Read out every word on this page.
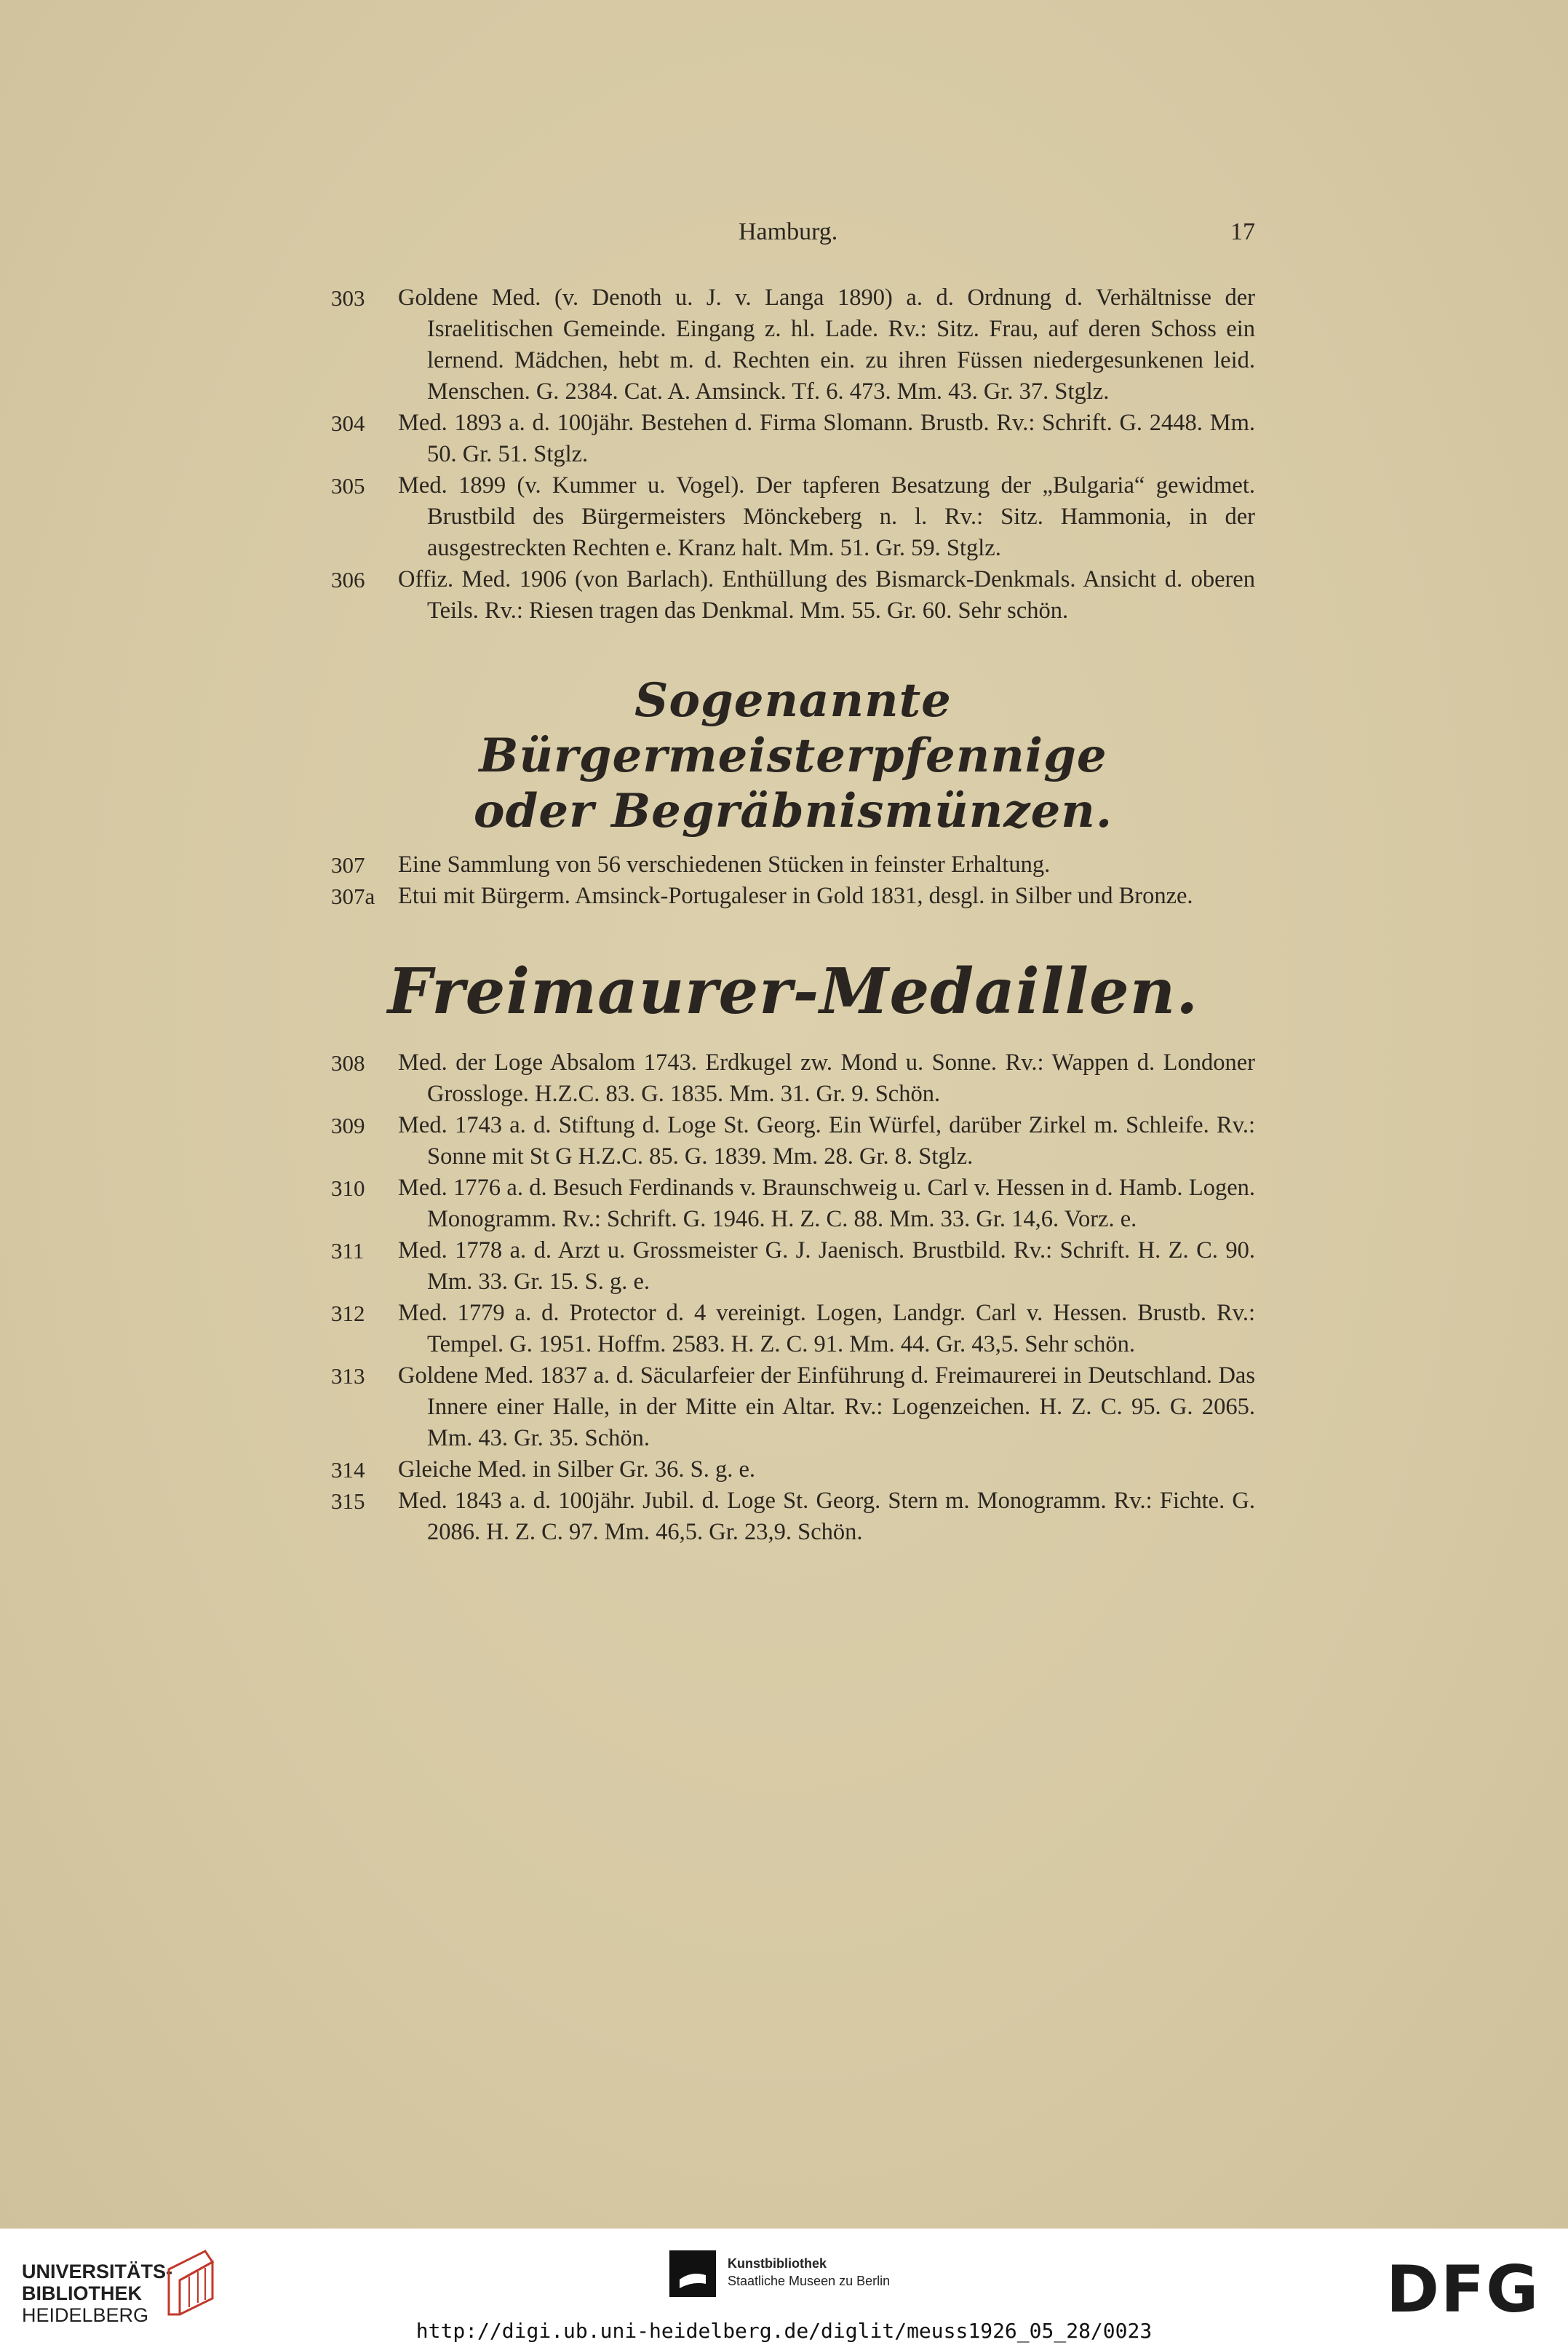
Hamburg.	17
303 Goldene Med. (v. Denoth u. J. v. Langa 1890) a. d. Ordnung d. Verhältnisse der Israelitischen Gemeinde. Eingang z. hl. Lade. Rv.: Sitz. Frau, auf deren Schoss ein lernend. Mädchen, hebt m. d. Rechten ein. zu ihren Füssen niedergesunkenen leid. Menschen. G. 2384. Cat. A. Amsinck. Tf. 6. 473. Mm. 43. Gr. 37. Stglz.
304 Med. 1893 a. d. 100jähr. Bestehen d. Firma Slomann. Brustb. Rv.: Schrift. G. 2448. Mm. 50. Gr. 51. Stglz.
305 Med. 1899 (v. Kummer u. Vogel). Der tapferen Besatzung der „Bulgaria“ gewidmet. Brustbild des Bürgermeisters Mönckeberg n. l. Rv.: Sitz. Hammonia, in der ausgestreckten Rechten e. Kranz halt. Mm. 51. Gr. 59. Stglz.
306 Offiz. Med. 1906 (von Barlach). Enthüllung des Bismarck-Denkmals. Ansicht d. oberen Teils. Rv.: Riesen tragen das Denkmal. Mm. 55. Gr. 60. Sehr schön.
Sogenannte Bürgermeisterpfennige
oder Begräbnismünzen.
307 Eine Sammlung von 56 verschiedenen Stücken in feinster Erhaltung.
307a Etui mit Bürgerm. Amsinck-Portugaleser in Gold 1831, desgl. in Silber und Bronze.
Freimaurer-Medaillen.
308 Med. der Loge Absalom 1743. Erdkugel zw. Mond u. Sonne. Rv.: Wappen d. Londoner Grossloge. H.Z.C. 83. G. 1835. Mm. 31. Gr. 9. Schön.
309 Med. 1743 a. d. Stiftung d. Loge St. Georg. Ein Würfel, darüber Zirkel m. Schleife. Rv.: Sonne mit St G H.Z.C. 85. G. 1839. Mm. 28. Gr. 8. Stglz.
310 Med. 1776 a. d. Besuch Ferdinands v. Braunschweig u. Carl v. Hessen in d. Hamb. Logen. Monogramm. Rv.: Schrift. G. 1946. H. Z. C. 88. Mm. 33. Gr. 14,6. Vorz. e.
311 Med. 1778 a. d. Arzt u. Grossmeister G. J. Jaenisch. Brustbild. Rv.: Schrift. H. Z. C. 90. Mm. 33. Gr. 15. S. g. e.
312 Med. 1779 a. d. Protector d. 4 vereinigt. Logen, Landgr. Carl v. Hessen. Brustb. Rv.: Tempel. G. 1951. Hoffm. 2583. H. Z. C. 91. Mm. 44. Gr. 43,5. Sehr schön.
313 Goldene Med. 1837 a. d. Säcularfeier der Einführung d. Freimaurerei in Deutschland. Das Innere einer Halle, in der Mitte ein Altar. Rv.: Logenzeichen. H. Z. C. 95. G. 2065. Mm. 43. Gr. 35. Schön.
314 Gleiche Med. in Silber Gr. 36. S. g. e.
315 Med. 1843 a. d. 100jähr. Jubil. d. Loge St. Georg. Stern m. Monogramm. Rv.: Fichte. G. 2086. H. Z. C. 97. Mm. 46,5. Gr. 23,9. Schön.
UNIVERSITÄTS-
BIBLIOTHEK
HEIDELBERG
Kunstbibliothek
Staatliche Museen zu Berlin	DFG
http://digi.ub.uni-heidelberg.de/diglit/meuss1926_05_28/0023
